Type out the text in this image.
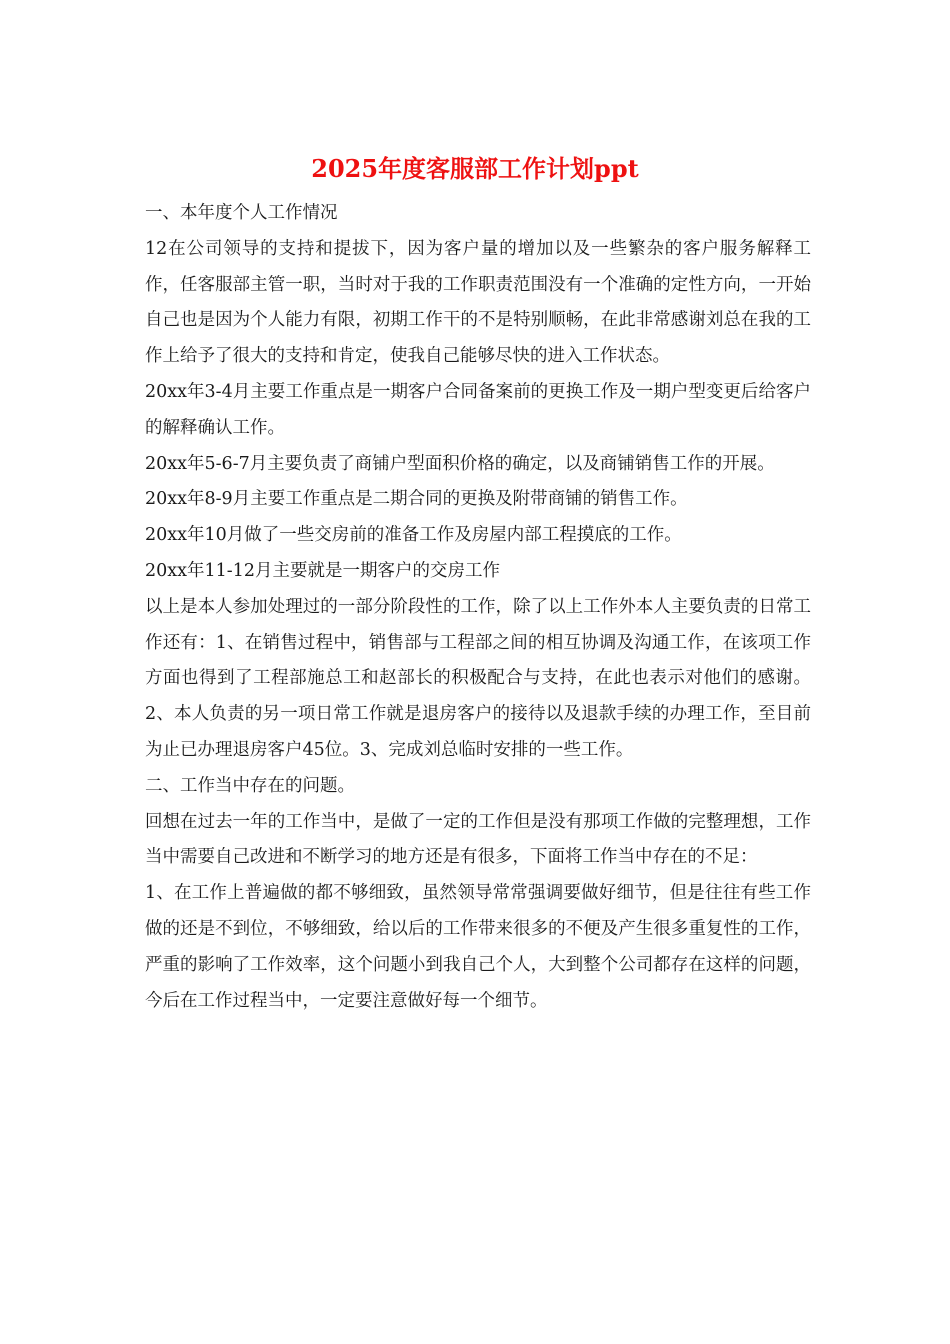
2025年度客服部工作计划ppt

一、本年度个人工作情况

12在公司领导的支持和提拔下，因为客户量的增加以及一些繁杂的客户服务解释工作，任客服部主管一职，当时对于我的工作职责范围没有一个准确的定性方向，一开始自己也是因为个人能力有限，初期工作干的不是特别顺畅，在此非常感谢刘总在我的工作上给予了很大的支持和肯定，使我自己能够尽快的进入工作状态。

20xx年3-4月主要工作重点是一期客户合同备案前的更换工作及一期户型变更后给客户的解释确认工作。

20xx年5-6-7月主要负责了商铺户型面积价格的确定，以及商铺销售工作的开展。

20xx年8-9月主要工作重点是二期合同的更换及附带商铺的销售工作。

20xx年10月做了一些交房前的准备工作及房屋内部工程摸底的工作。

20xx年11-12月主要就是一期客户的交房工作

以上是本人参加处理过的一部分阶段性的工作，除了以上工作外本人主要负责的日常工作还有：1、在销售过程中，销售部与工程部之间的相互协调及沟通工作，在该项工作方面也得到了工程部施总工和赵部长的积极配合与支持，在此也表示对他们的感谢。2、本人负责的另一项日常工作就是退房客户的接待以及退款手续的办理工作，至目前为止已办理退房客户45位。3、完成刘总临时安排的一些工作。

二、工作当中存在的问题。

回想在过去一年的工作当中，是做了一定的工作但是没有那项工作做的完整理想，工作当中需要自己改进和不断学习的地方还是有很多，下面将工作当中存在的不足：

1、在工作上普遍做的都不够细致，虽然领导常常强调要做好细节，但是往往有些工作做的还是不到位，不够细致，给以后的工作带来很多的不便及产生很多重复性的工作，严重的影响了工作效率，这个问题小到我自己个人，大到整个公司都存在这样的问题，今后在工作过程当中，一定要注意做好每一个细节。
